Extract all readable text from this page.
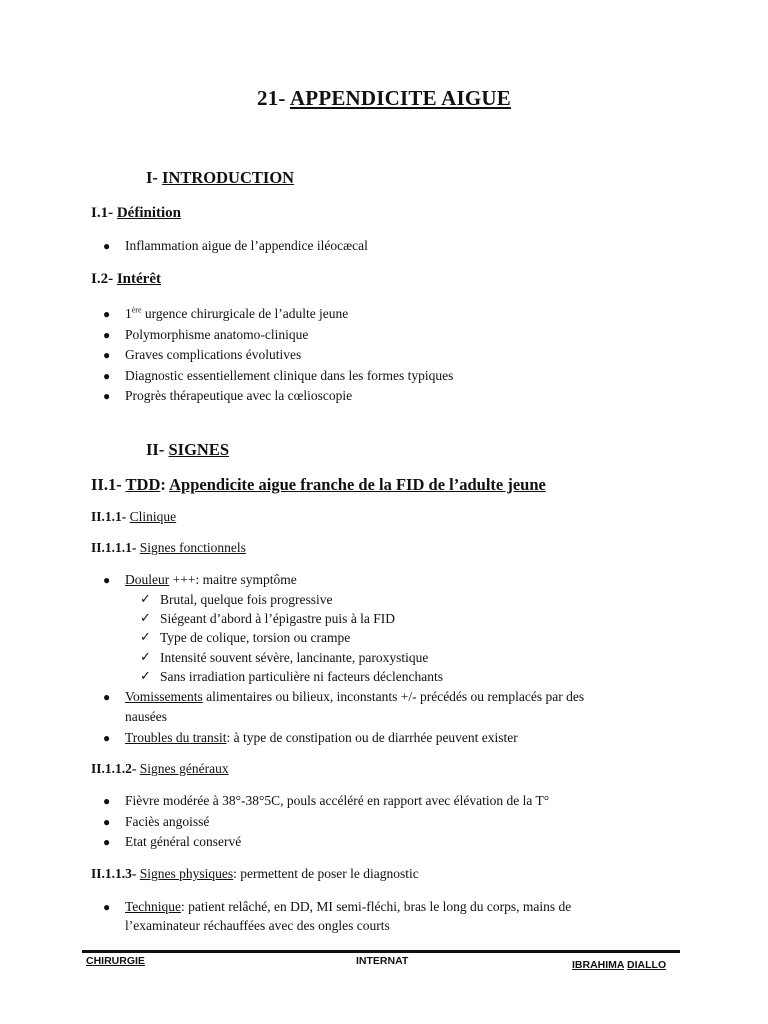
21- APPENDICITE AIGUE
I- INTRODUCTION
I.1- Définition
● Inflammation aigue de l’appendice iléocæcal
I.2- Intérêt
● 1ère urgence chirurgicale de l’adulte jeune
● Polymorphisme anatomo-clinique
● Graves complications évolutives
● Diagnostic essentiellement clinique dans les formes typiques
● Progrès thérapeutique avec la cœlioscopie
II- SIGNES
II.1- TDD: Appendicite aigue franche de la FID de l’adulte jeune
II.1.1- Clinique
II.1.1.1- Signes fonctionnels
● Douleur +++: maitre symptôme
✓ Brutal, quelque fois progressive
✓ Siégeant d’abord à l’épigastre puis à la FID
✓ Type de colique, torsion ou crampe
✓ Intensité souvent sévère, lancinante, paroxystique
✓ Sans irradiation particulière ni facteurs déclenchants
● Vomissements alimentaires ou bilieux, inconstants +/- précédés ou remplacés par des
nausées
● Troubles du transit: à type de constipation ou de diarrhée peuvent exister
II.1.1.2- Signes généraux
● Fièvre modérée à 38°-38°5C, pouls accéléré en rapport avec élévation de la T°
● Faciès angoissé
● Etat général conservé
II.1.1.3- Signes physiques: permettent de poser le diagnostic
● Technique: patient relâché, en DD, MI semi-fléchi, bras le long du corps, mains de
l’examinateur réchauffées avec des ongles courts
CHIRURGIE	INTERNAT	IBRAHIMA DIALLO
